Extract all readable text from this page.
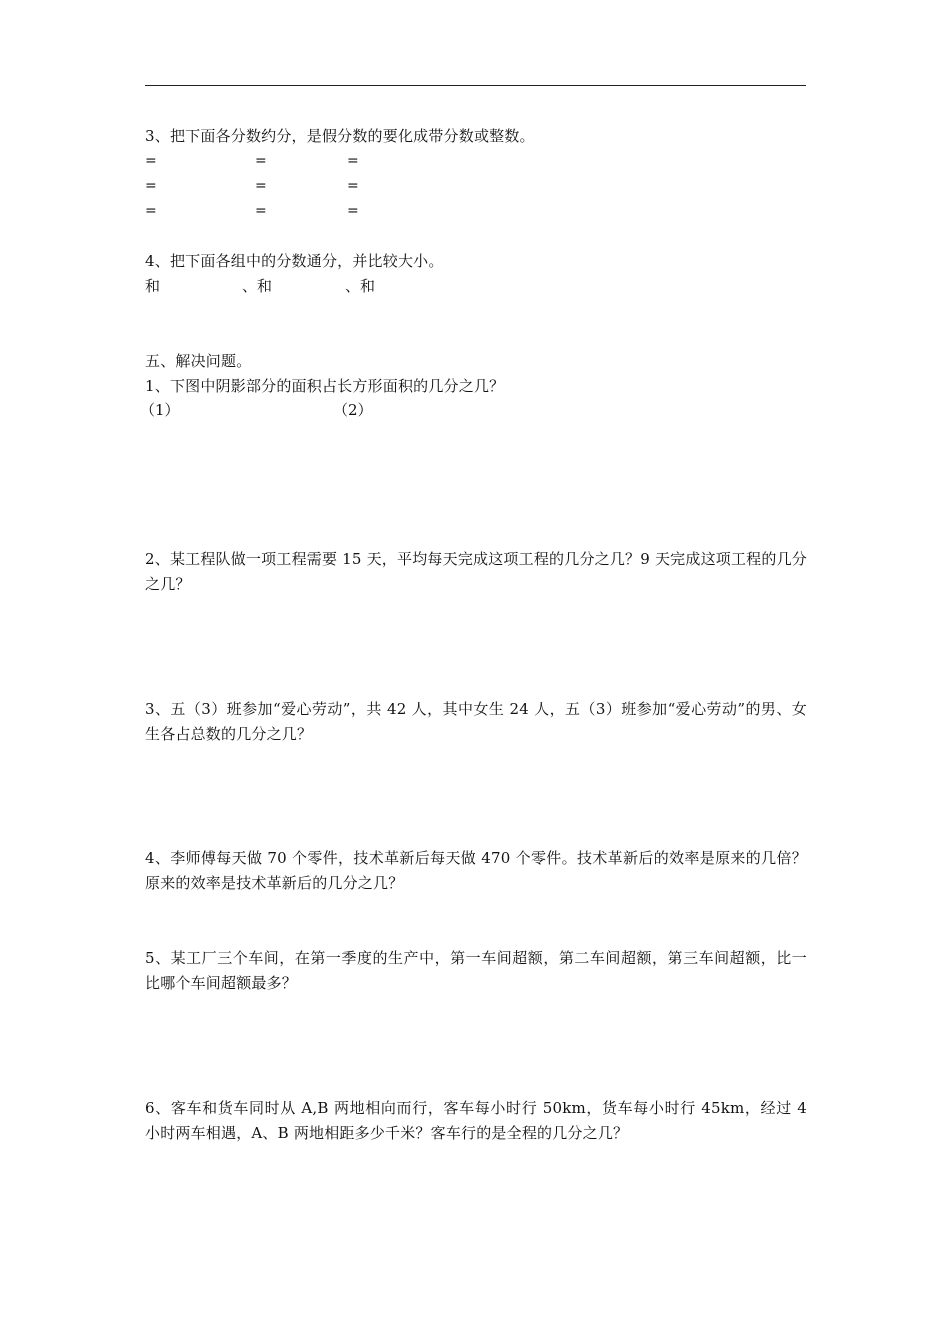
3、把下面各分数约分，是假分数的要化成带分数或整数。
=	=	=
=	=	=
=	=	=
4、把下面各组中的分数通分，并比较大小。
和	、和	、和
五、解决问题。
1、下图中阴影部分的面积占长方形面积的几分之几？
（1）	（2）
2、某工程队做一项工程需要 15 天，平均每天完成这项工程的几分之几？9 天完成这项工程的几分之几？
3、五（3）班参加“爱心劳动”，共 42 人，其中女生 24 人，五（3）班参加“爱心劳动”的男、女生各占总数的几分之几？
4、李师傅每天做 70 个零件，技术革新后每天做 470 个零件。技术革新后的效率是原来的几倍？原来的效率是技术革新后的几分之几？
5、某工厂三个车间，在第一季度的生产中，第一车间超额，第二车间超额，第三车间超额，比一比哪个车间超额最多？
6、客车和货车同时从 A,B 两地相向而行，客车每小时行 50km，货车每小时行 45km，经过 4 小时两车相遇，A、B 两地相距多少千米？客车行的是全程的几分之几？
